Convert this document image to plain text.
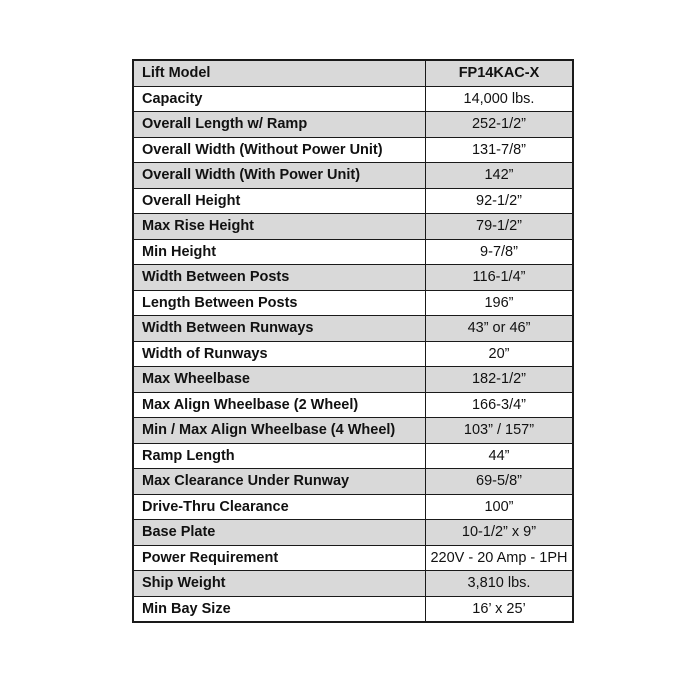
Lift Model	FP14KAC-X
Capacity	14,000 lbs.
Overall Length w/ Ramp	252-1/2”
Overall Width (Without Power Unit)	131-7/8”
Overall Width (With Power Unit)	142”
Overall Height	92-1/2”
Max Rise Height	79-1/2”
Min Height	9-7/8”
Width Between Posts	116-1/4”
Length Between Posts	196”
Width Between Runways	43” or 46”
Width of Runways	20”
Max Wheelbase	182-1/2”
Max Align Wheelbase (2 Wheel)	166-3/4”
Min / Max Align Wheelbase (4 Wheel)	103” / 157”
Ramp Length	44”
Max Clearance Under Runway	69-5/8”
Drive-Thru Clearance	100”
Base Plate	10-1/2” x 9”
Power Requirement	220V - 20 Amp - 1PH
Ship Weight	3,810 lbs.
Min Bay Size	16’ x 25’
